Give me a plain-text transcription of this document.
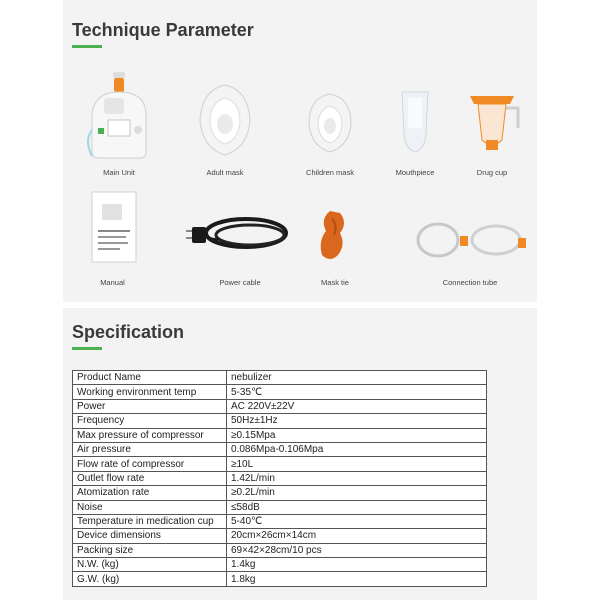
Technique Parameter
Main Unit	Adult mask	Children mask	Mouthpiece	Drug cup
Manual	Power cable	Mask tie	Connection tube
Specification
Product Name	nebulizer
Working environment temp	5-35℃
Power	AC 220V±22V
Frequency	50Hz±1Hz
Max pressure of compressor	≥0.15Mpa
Air pressure	0.086Mpa-0.106Mpa
Flow rate of compressor	≥10L
Outlet flow rate	1.42L/min
Atomization rate	≥0.2L/min
Noise	≤58dB
Temperature in medication cup	5-40℃
Device dimensions	20cm×26cm×14cm
Packing size	69×42×28cm/10 pcs
N.W. (kg)	1.4kg
G.W. (kg)	1.8kg
